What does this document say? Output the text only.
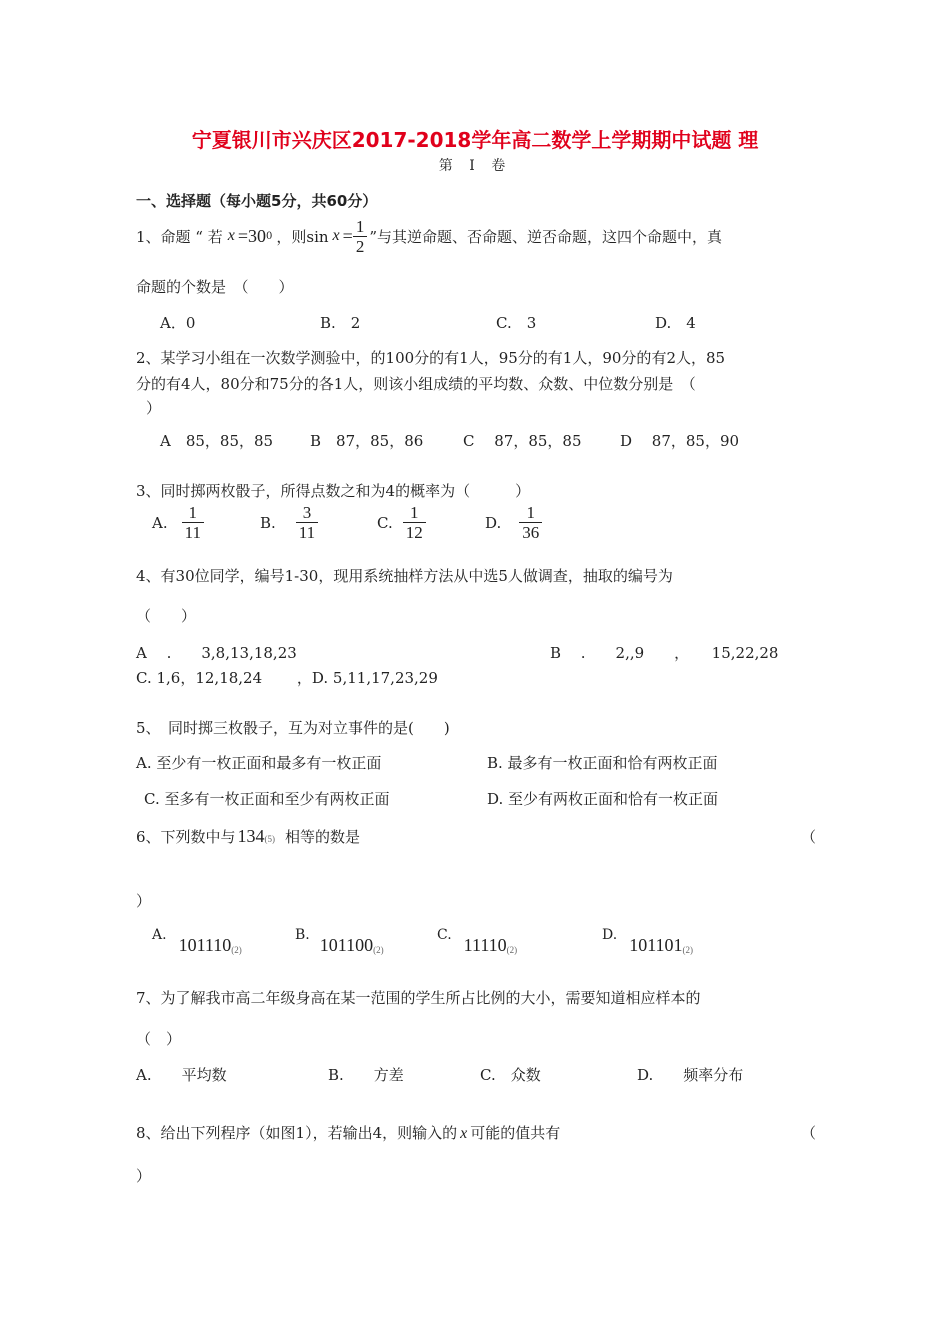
宁夏银川市兴庆区2017-2018学年高二数学上学期期中试题 理
第 I 卷
一、选择题（每小题5分，共60分）
1、命题 “ 若 x =30 0 ，则$\sin x = \frac{1}{2}$ ”与其逆命题、否命题、逆否命题，这四个命题中，真
命题的个数是　（　　）
A．0	B.　2	C.　3	D.　4
2、某学习小组在一次数学测验中，的100分的有1人，95分的有1人，90分的有2人，85
分的有4人，80分和75分的各1人，则该小组成绩的平均数、众数、中位数分别是　（
）
A　85，85，85 B　87，85，86	C　 87，85，85	D　 87，85，90
3、同时掷两枚骰子，所得点数之和为4的概率为（　　　）
A. $\frac{1}{11}$	B. $\frac{3}{11}$	C. $\frac{1}{12}$	D. $\frac{1}{36}$
4、有30位同学，编号1-30，现用系统抽样方法从中选5人做调查，抽取的编号为
（　　）
A　 .　　3,8,13,18,23	B　 .　　2,,9　　，　　15,22,28
C. 1,6，12,18,24　　 ，D. 5,11,17,23,29
5、　同时掷三枚骰子，互为对立事件的是(　　)
A. 至少有一枚正面和最多有一枚正面	B. 最多有一枚正面和恰有两枚正面
C. 至多有一枚正面和至少有两枚正面	D. 至少有两枚正面和恰有一枚正面
6、下列数中与 134 (5) 相等的数是	（
）
A. 101110 (2)
B. 101100 (2)
C. 11110 (2)
D. 101101 (2)
7、为了解我市高二年级身高在某一范围的学生所占比例的大小，需要知道相应样本的
（　）
A.　　平均数	B.　　方差	C.　众数	D.　　频率分布
8、给出下列程序（如图1），若输出4，则输入的 x 可能的值共有	（
）
